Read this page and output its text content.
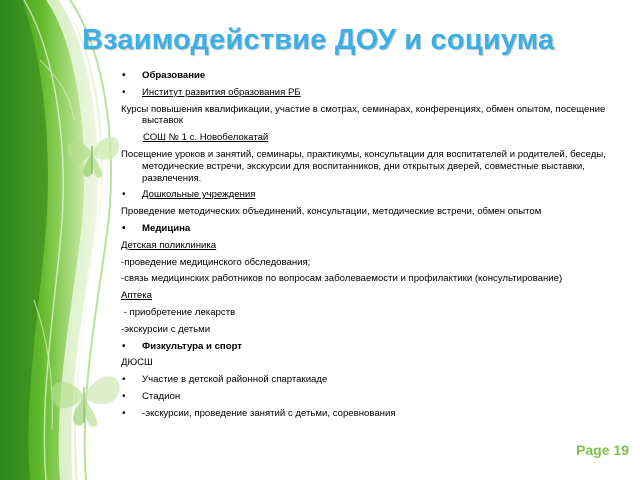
Взаимодействие ДОУ и социума
• Образование
• Институт развития образования РБ
Курсы повышения квалификации, участие в смотрах, семинарах, конференциях, обмен опытом, посещение выставок
СОШ № 1 с. Новобелокатай
Посещение уроков и занятий, семинары, практикумы, консультации для воспитателей и родителей, беседы, методические встречи, экскурсии для воспитанников, дни открытых дверей, совместные выставки, развлечения.
• Дошкольные учреждения
Проведение методических объединений, консультации, методические встречи, обмен опытом
• Медицина
Детская поликлиника
-проведение медицинского обследования;
-связь медицинских работников по вопросам заболеваемости и профилактики (консультирование)
Аптека
- приобретение лекарств
-экскурсии с детьми
• Физкультура и спорт
ДЮСШ
• Участие в детской районной спартакиаде
• Стадион
• -экскурсии, проведение занятий с детьми, соревнования
Page 19
